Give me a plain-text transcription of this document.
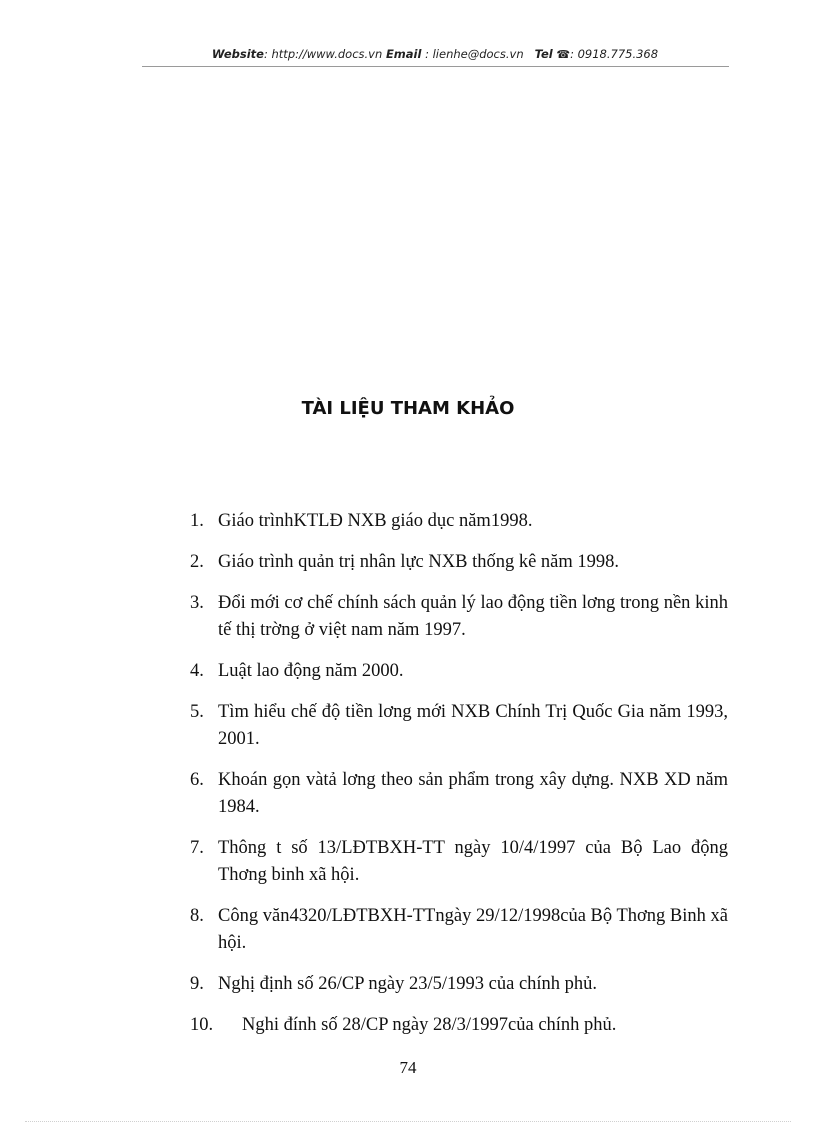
Website: http://www.docs.vn Email : lienhe@docs.vn Tel ☎: 0918.775.368
TÀI LIỆU THAM KHẢO
1. Giáo trìnhKTLĐ NXB giáo dục năm1998.
2. Giáo trình quản trị nhân lực NXB thống kê năm 1998.
3. Đổi mới cơ chế chính sách quản lý lao động tiền lơng trong nền kinh tế thị trờng ở việt nam năm 1997.
4. Luật lao động năm 2000.
5. Tìm hiểu chế độ tiền lơng mới NXB Chính Trị Quốc Gia năm 1993, 2001.
6. Khoán gọn vàtả lơng theo sản phẩm trong xây dựng. NXB XD năm 1984.
7. Thông t số 13/LĐTBXH-TT ngày 10/4/1997 của Bộ Lao động Thơng binh xã hội.
8. Công văn4320/LĐTBXH-TTngày 29/12/1998của Bộ Thơng Binh xã hội.
9. Nghị định số 26/CP ngày 23/5/1993 của chính phủ.
10. Nghi đính số 28/CP ngày 28/3/1997của chính phủ.
74
